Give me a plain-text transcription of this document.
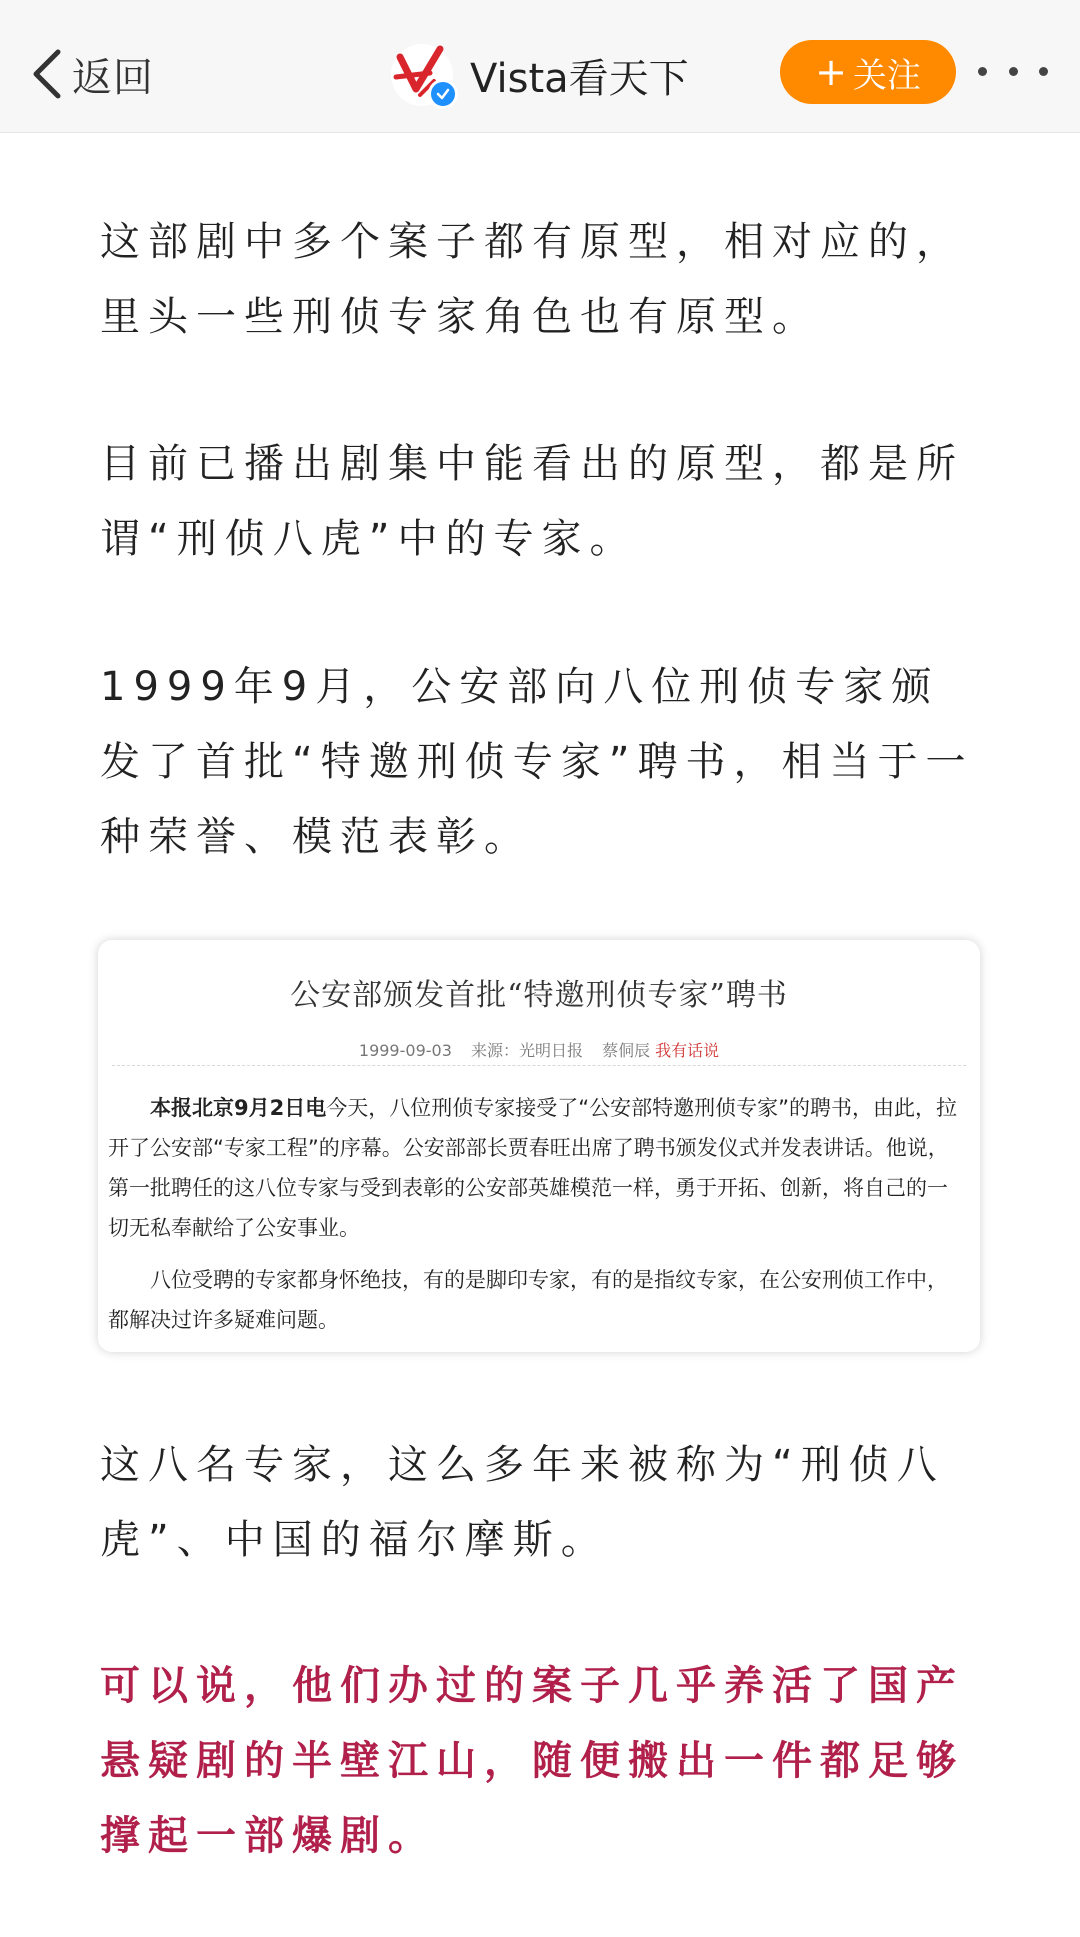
返回	Vista看天下	+ 关注
这部剧中多个案子都有原型，相对应的，里头一些刑侦专家角色也有原型。
目前已播出剧集中能看出的原型，都是所谓“刑侦八虎”中的专家。
1999年9月，公安部向八位刑侦专家颁发了首批“特邀刑侦专家”聘书，相当于一种荣誉、模范表彰。
公安部颁发首批“特邀刑侦专家”聘书
1999-09-03 来源：光明日报 蔡侗辰 我有话说

本报北京9月2日电今天，八位刑侦专家接受了“公安部特邀刑侦专家”的聘书，由此，拉开了公安部“专家工程”的序幕。公安部部长贾春旺出席了聘书颁发仪式并发表讲话。他说，第一批聘任的这八位专家与受到表彰的公安部英雄模范一样，勇于开拓、创新，将自己的一切无私奉献给了公安事业。

八位受聘的专家都身怀绝技，有的是脚印专家，有的是指纹专家，在公安刑侦工作中，都解决过许多疑难问题。

这八名专家，这么多年来被称为“刑侦八虎”、中国的福尔摩斯。
可以说，他们办过的案子几乎养活了国产悬疑剧的半壁江山，随便搬出一件都足够撑起一部爆剧。
